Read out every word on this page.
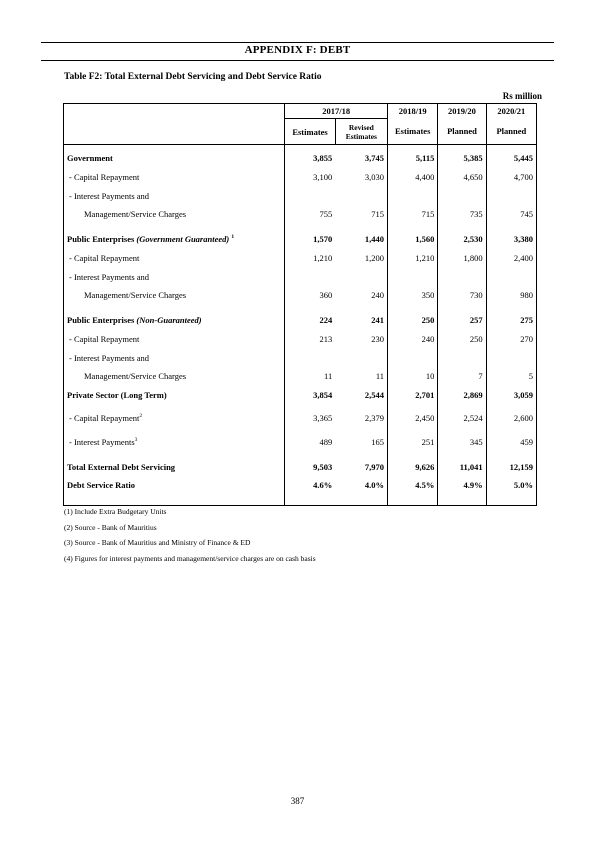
APPENDIX F: DEBT
Table F2: Total External Debt Servicing and Debt Service Ratio
Rs million
	2017/18		2018/19	2019/20	2020/21
	Estimates	Revised Estimates	Estimates	Planned	Planned
Government	3,855	3,745	5,115	5,385	5,445
- Capital Repayment	3,100	3,030	4,400	4,650	4,700
- Interest Payments and					
Management/Service Charges	755	715	715	735	745

Public Enterprises (Government Guaranteed) $^1$	1,570	1,440	1,560	2,530	3,380
- Capital Repayment	1,210	1,200	1,210	1,800	2,400
- Interest Payments and					
Management/Service Charges	360	240	350	730	980

Public Enterprises (Non-Guaranteed)	224	241	250	257	275
- Capital Repayment	213	230	240	250	270
- Interest Payments and					
Management/Service Charges	11	11	10	7	5
Private Sector (Long Term)	3,854	2,544	2,701	2,869	3,059
- Capital Repayment$^2$	3,365	2,379	2,450	2,524	2,600
- Interest Payments$^3$	489	165	251	345	459

Total External Debt Servicing	9,503	7,970	9,626	11,041	12,159
Debt Service Ratio	4.6%	4.0%	4.5%	4.9%	5.0%

(1) Include Extra Budgetary Units
(2) Source - Bank of Mauritius
(3) Source - Bank of Mauritius and Ministry of Finance & ED
(4) Figures for interest payments and management/service charges are on cash basis
387
